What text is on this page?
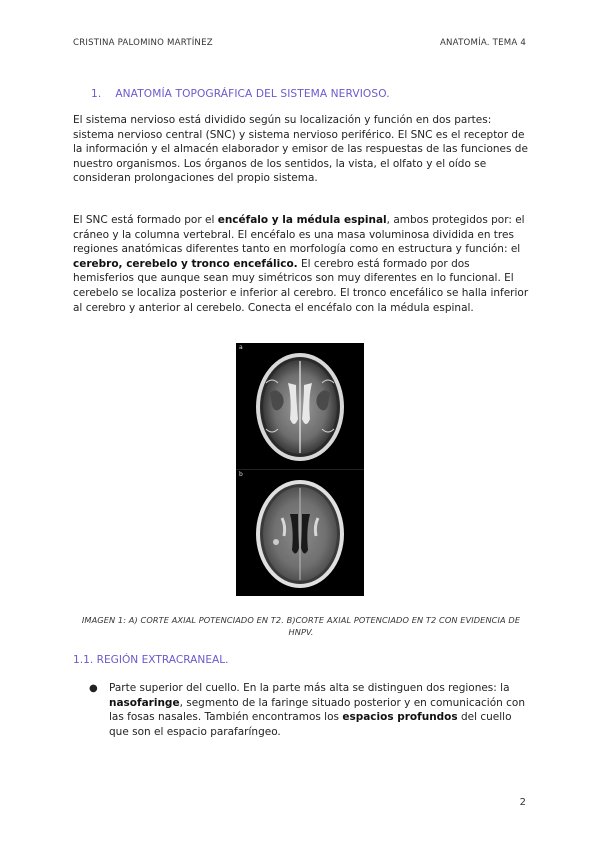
CRISTINA PALOMINO MARTÍNEZ	ANATOMÍA. TEMA 4
1. ANATOMÍA TOPOGRÁFICA DEL SISTEMA NERVIOSO.
El sistema nervioso está dividido según su localización y función en dos partes: sistema nervioso central (SNC) y sistema nervioso periférico. El SNC es el receptor de la información y el almacén elaborador y emisor de las respuestas de las funciones de nuestro organismos. Los órganos de los sentidos, la vista, el olfato y el oído se consideran prolongaciones del propio sistema.
El SNC está formado por el encéfalo y la médula espinal, ambos protegidos por: el cráneo y la columna vertebral. El encéfalo es una masa voluminosa dividida en tres regiones anatómicas diferentes tanto en morfología como en estructura y función: el cerebro, cerebelo y tronco encefálico. El cerebro está formado por dos hemisferios que aunque sean muy simétricos son muy diferentes en lo funcional. El cerebelo se localiza posterior e inferior al cerebro. El tronco encefálico se halla inferior al cerebro y anterior al cerebelo. Conecta el encéfalo con la médula espinal.
a
b
IMAGEN 1: A) CORTE AXIAL POTENCIADO EN T2. B)CORTE AXIAL POTENCIADO EN T2 CON EVIDENCIA DE HNPV.
1.1. REGIÓN EXTRACRANEAL.
● Parte superior del cuello. En la parte más alta se distinguen dos regiones: la nasofaringe, segmento de la faringe situado posterior y en comunicación con las fosas nasales. También encontramos los espacios profundos del cuello que son el espacio parafaríngeo.
2
